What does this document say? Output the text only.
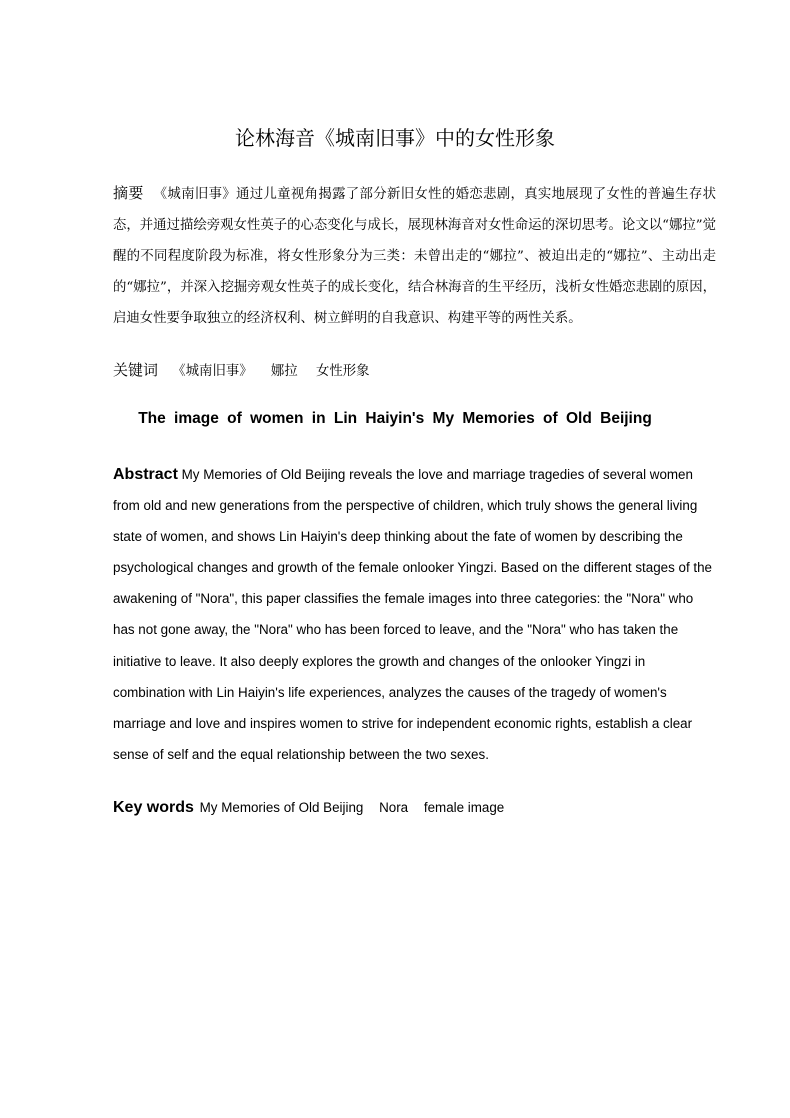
论林海音《城南旧事》中的女性形象
摘要 《城南旧事》通过儿童视角揭露了部分新旧女性的婚恋悲剧，真实地展现了女性的普遍生存状态，并通过描绘旁观女性英子的心态变化与成长，展现林海音对女性命运的深切思考。论文以“娜拉”觉醒的不同程度阶段为标准，将女性形象分为三类：未曾出走的“娜拉”、被迫出走的“娜拉”、主动出走的“娜拉”，并深入挖掘旁观女性英子的成长变化，结合林海音的生平经历，浅析女性婚恋悲剧的原因，启迪女性要争取独立的经济权利、树立鲜明的自我意识、构建平等的两性关系。
关键词 《城南旧事》 娜拉 女性形象
The image of women in Lin Haiyin's My Memories of Old Beijing
Abstract My Memories of Old Beijing reveals the love and marriage tragedies of several women from old and new generations from the perspective of children, which truly shows the general living state of women, and shows Lin Haiyin's deep thinking about the fate of women by describing the psychological changes and growth of the female onlooker Yingzi. Based on the different stages of the awakening of "Nora", this paper classifies the female images into three categories: the "Nora" who has not gone away, the "Nora" who has been forced to leave, and the "Nora" who has taken the initiative to leave. It also deeply explores the growth and changes of the onlooker Yingzi in combination with Lin Haiyin's life experiences, analyzes the causes of the tragedy of women's marriage and love and inspires women to strive for independent economic rights, establish a clear sense of self and the equal relationship between the two sexes.
Key words My Memories of Old Beijing Nora female image
